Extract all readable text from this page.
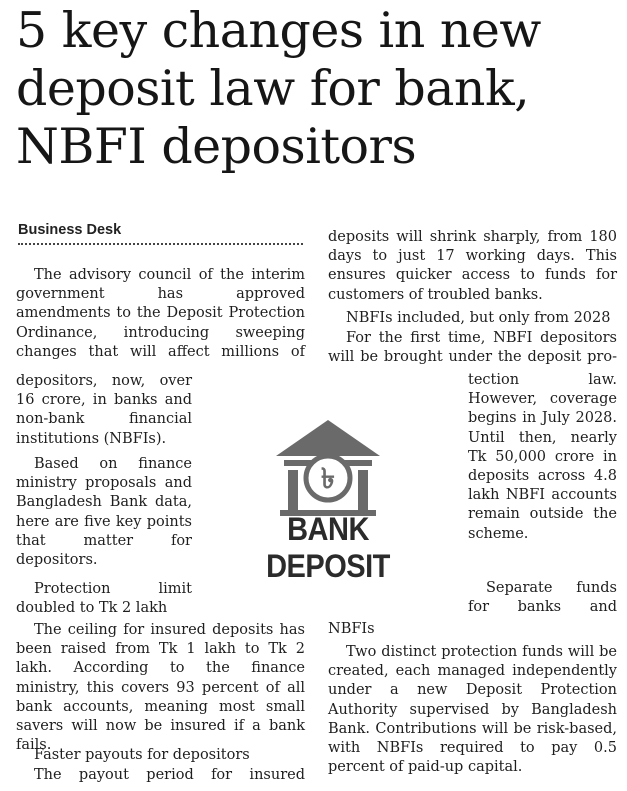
5 key changes in new
deposit law for bank,
NBFI depositors
Business Desk

The advisory council of the interim government has approved amendments to the Deposit Protection Ordinance, introducing sweeping changes that will affect millions of

depositors, now, over 16 crore, in banks and non-bank financial institutions (NBFIs).

Based on finance ministry proposals and Bangladesh Bank data, here are five key points that matter for depositors.

Protection limit doubled to Tk 2 lakh

The ceiling for insured deposits has been raised from Tk 1 lakh to Tk 2 lakh. According to the finance ministry, this covers 93 percent of all bank accounts, meaning most small savers will now be insured if a bank fails.

Faster payouts for depositors

The payout period for insured

৳
BANK DEPOSIT

deposits will shrink sharply, from 180 days to just 17 working days. This ensures quicker access to funds for customers of troubled banks.

NBFIs included, but only from 2028

For the first time, NBFI depositors will be brought under the deposit pro-

tection law. However, coverage begins in July 2028. Until then, nearly Tk 50,000 crore in deposits across 4.8 lakh NBFI accounts remain outside the scheme.

Separate funds for banks and

NBFIs

Two distinct protection funds will be created, each managed independently under a new Deposit Protection Authority supervised by Bangladesh Bank. Contributions will be risk-based, with NBFIs required to pay 0.5 percent of paid-up capital.
